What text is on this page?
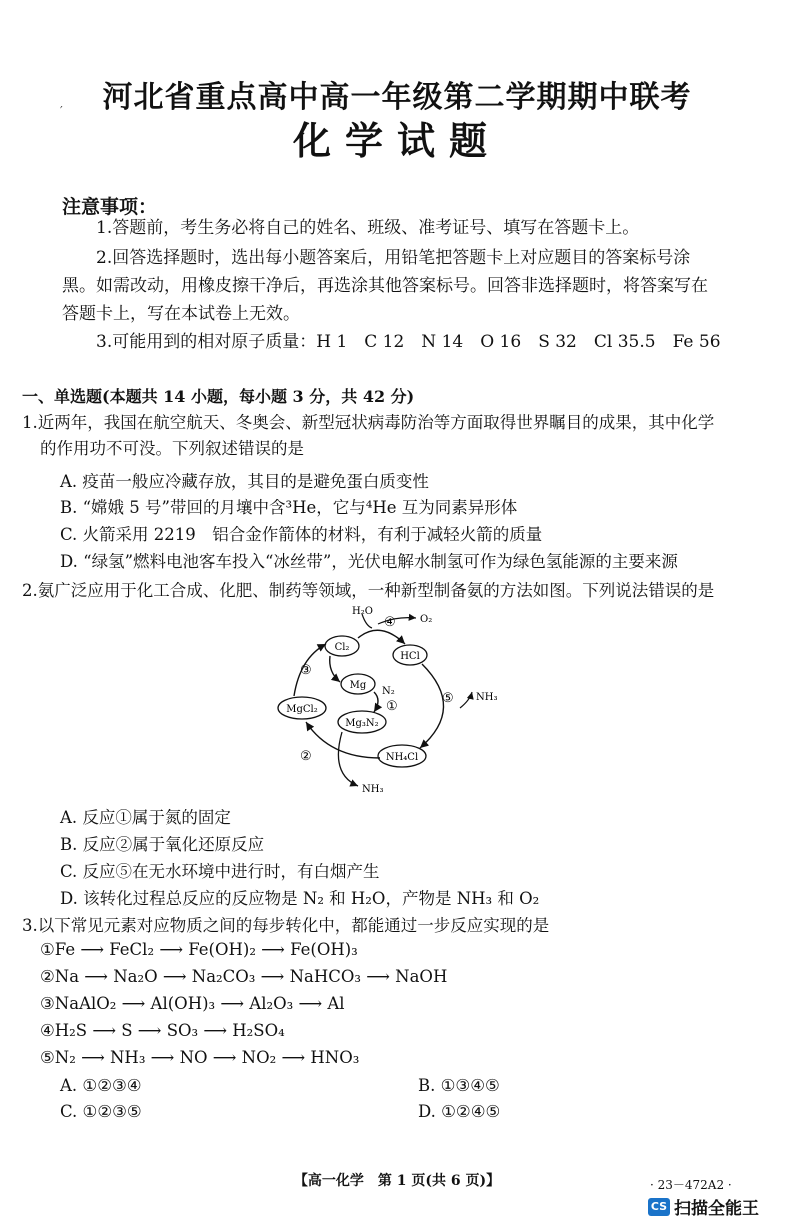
河北省重点高中高一年级第二学期期中联考
′
化学试题
注意事项：
1.答题前，考生务必将自己的姓名、班级、准考证号、填写在答题卡上。
2.回答选择题时，选出每小题答案后，用铅笔把答题卡上对应题目的答案标号涂
黑。如需改动，用橡皮擦干净后，再选涂其他答案标号。回答非选择题时，将答案写在
答题卡上，写在本试卷上无效。
3.可能用到的相对原子质量：H 1　C 12　N 14　O 16　S 32　Cl 35.5　Fe 56
一、单选题(本题共 14 小题，每小题 3 分，共 42 分)
1.近两年，我国在航空航天、冬奥会、新型冠状病毒防治等方面取得世界瞩目的成果，其中化学
的作用功不可没。下列叙述错误的是
A. 疫苗一般应冷藏存放，其目的是避免蛋白质变性
B. “嫦娥 5 号”带回的月壤中含³He，它与⁴He 互为同素异形体
C. 火箭采用 2219　铝合金作箭体的材料，有利于减轻火箭的质量
D. “绿氢”燃料电池客车投入“冰丝带”，光伏电解水制氢可作为绿色氢能源的主要来源
2.氨广泛应用于化工合成、化肥、制药等领域，一种新型制备氨的方法如图。下列说法错误的是
H₂O
O₂
Cl₂
HCl
Mg
N₂
MgCl₂
Mg₃N₂
NH₄Cl
NH₃
NH₃
④
③
①
⑤
②
A. 反应①属于氮的固定
B. 反应②属于氧化还原反应
C. 反应⑤在无水环境中进行时，有白烟产生
D. 该转化过程总反应的反应物是 N₂ 和 H₂O，产物是 NH₃ 和 O₂
3.以下常见元素对应物质之间的每步转化中，都能通过一步反应实现的是
①Fe ⟶ FeCl₂ ⟶ Fe(OH)₂ ⟶ Fe(OH)₃
②Na ⟶ Na₂O ⟶ Na₂CO₃ ⟶ NaHCO₃ ⟶ NaOH
③NaAlO₂ ⟶ Al(OH)₃ ⟶ Al₂O₃ ⟶ Al
④H₂S ⟶ S ⟶ SO₃ ⟶ H₂SO₄
⑤N₂ ⟶ NH₃ ⟶ NO ⟶ NO₂ ⟶ HNO₃
A. ①②③④	B. ①③④⑤
C. ①②③⑤	D. ①②④⑤
【高一化学　第 1 页(共 6 页)】	· 23－472A2 ·
CS 扫描全能王
